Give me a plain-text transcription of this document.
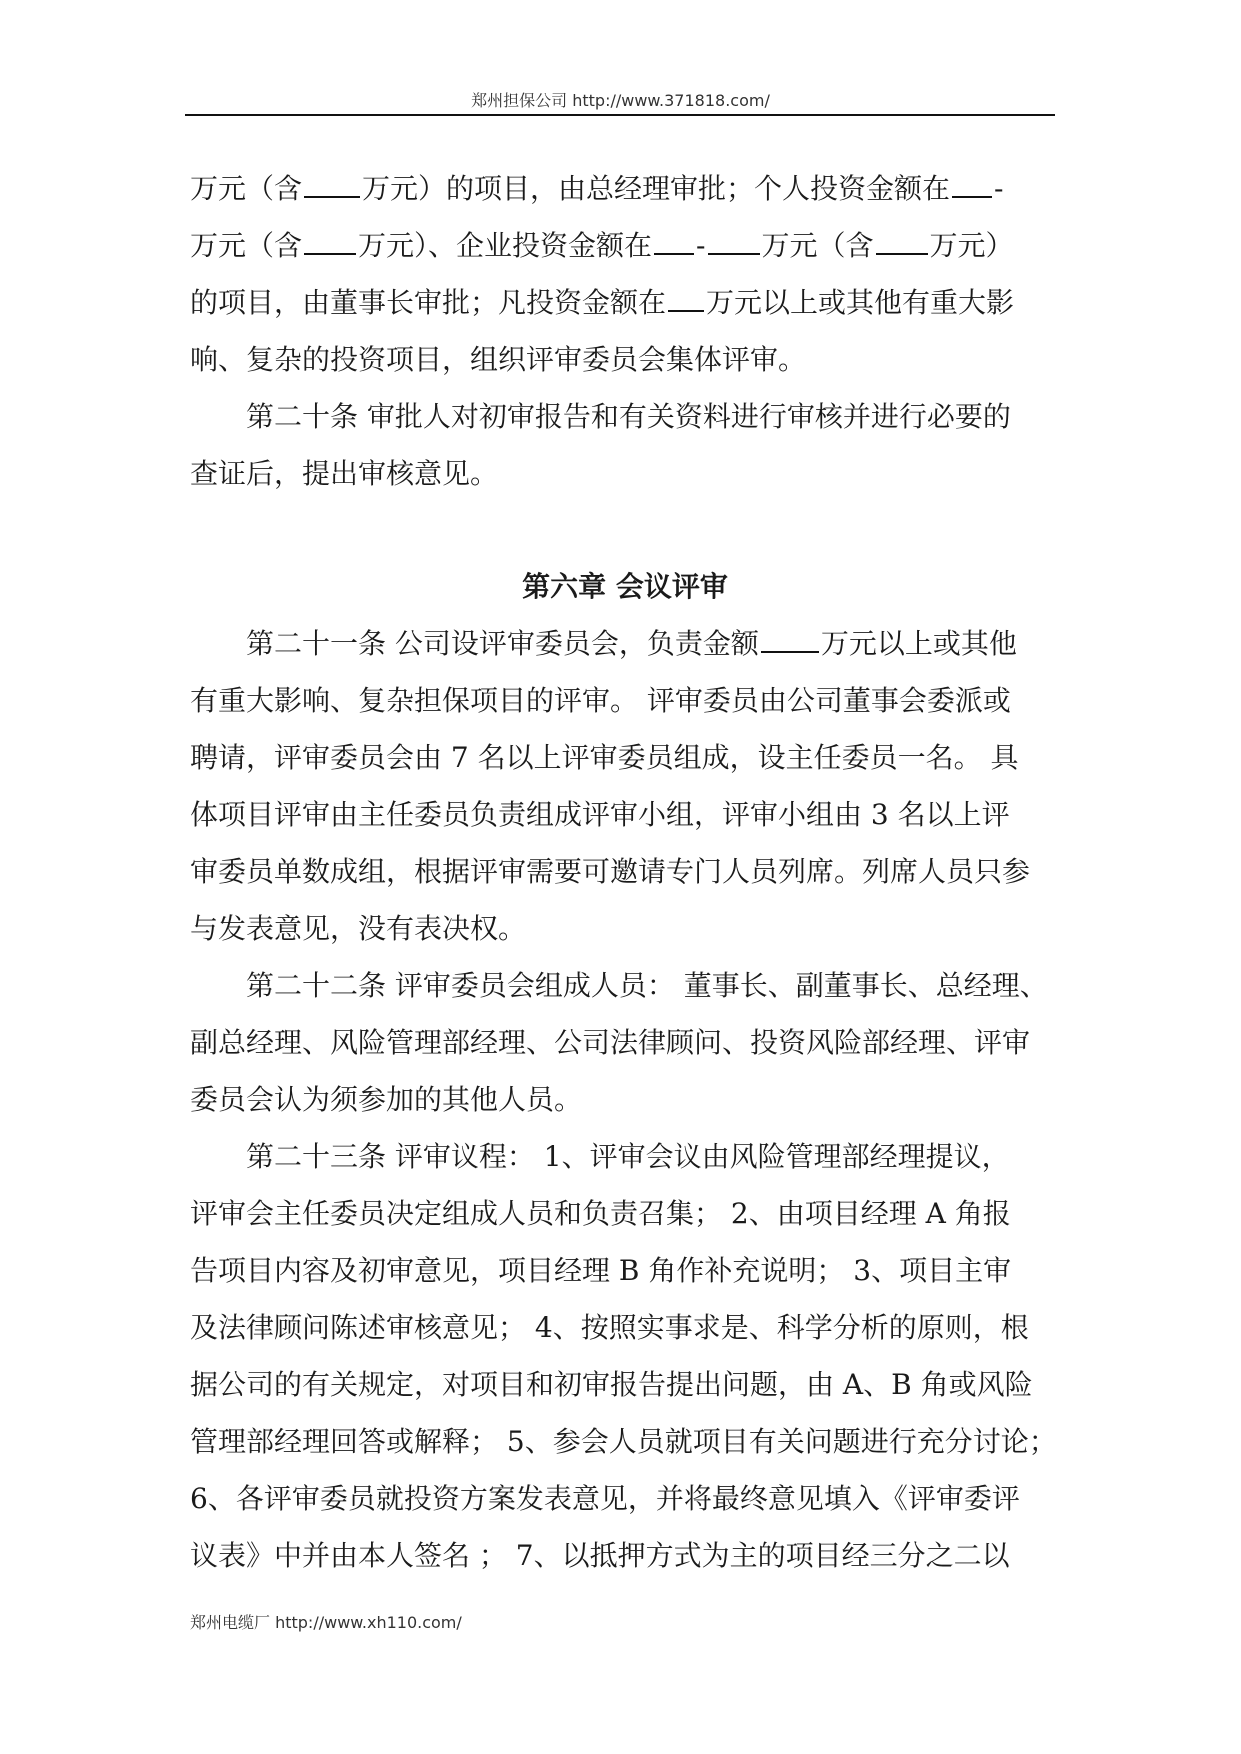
郑州担保公司 http://www.371818.com/
万元（含 万元）的项目，由总经理审批；个人投资金额在 -
万元（含 万元）、企业投资金额在 - 万元（含 万元）
的项目，由董事长审批；凡投资金额在 万元以上或其他有重大影
响、复杂的投资项目，组织评审委员会集体评审。
第二十条 审批人对初审报告和有关资料进行审核并进行必要的
查证后，提出审核意见。
第六章 会议评审
第二十一条 公司设评审委员会，负责金额 万元以上或其他
有重大影响、复杂担保项目的评审。 评审委员由公司董事会委派或
聘请，评审委员会由 7 名以上评审委员组成，设主任委员一名。 具
体项目评审由主任委员负责组成评审小组，评审小组由 3 名以上评
审委员单数成组，根据评审需要可邀请专门人员列席。列席人员只参
与发表意见，没有表决权。
第二十二条 评审委员会组成人员： 董事长、副董事长、总经理、
副总经理、风险管理部经理、公司法律顾问、投资风险部经理、评审
委员会认为须参加的其他人员。
第二十三条 评审议程： 1、评审会议由风险管理部经理提议，
评审会主任委员决定组成人员和负责召集； 2、由项目经理 A 角报
告项目内容及初审意见，项目经理 B 角作补充说明； 3、项目主审
及法律顾问陈述审核意见； 4、按照实事求是、科学分析的原则，根
据公司的有关规定，对项目和初审报告提出问题，由 A、B 角或风险
管理部经理回答或解释； 5、参会人员就项目有关问题进行充分讨论；
6、各评审委员就投资方案发表意见，并将最终意见填入《评审委评
议表》中并由本人签名 ； 7、以抵押方式为主的项目经三分之二以
郑州电缆厂 http://www.xh110.com/
